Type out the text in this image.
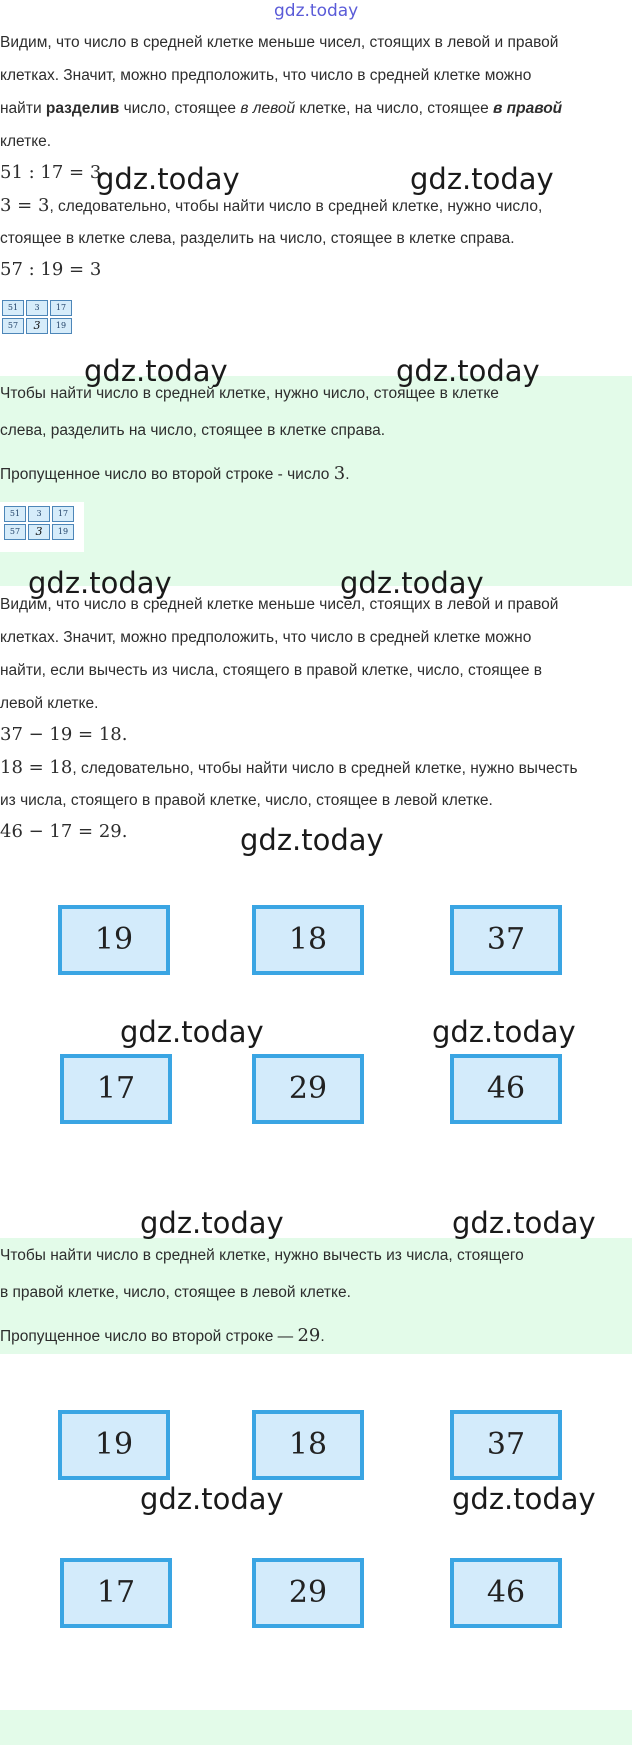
gdz.today
Видим, что число в средней клетке меньше чисел, стоящих в левой и правой
клетках. Значит, можно предположить, что число в средней клетке можно
найти разделив число, стоящее в левой клетке, на число, стоящее в правой
клетке.
51 : 17 = 3
3 = 3, следовательно, чтобы найти число в средней клетке, нужно число,
стоящее в клетке слева, разделить на число, стоящее в клетке справа.
57 : 19 = 3
51	3	17
57	3	19
Чтобы найти число в средней клетке, нужно число, стоящее в клетке
слева, разделить на число, стоящее в клетке справа.
Пропущенное число во второй строке - число 3.
51	3	17
57	3	19
Видим, что число в средней клетке меньше чисел, стоящих в левой и правой
клетках. Значит, можно предположить, что число в средней клетке можно
найти, если вычесть из числа, стоящего в правой клетке, число, стоящее в
левой клетке.
37 − 19 = 18.
18 = 18, следовательно, чтобы найти число в средней клетке, нужно вычесть
из числа, стоящего в правой клетке, число, стоящее в левой клетке.
46 − 17 = 29.
19	18	37
17	29	46
Чтобы найти число в средней клетке, нужно вычесть из числа, стоящего
в правой клетке, число, стоящее в левой клетке.
Пропущенное число во второй строке — 29.
19	18	37
17	29	46
gdz.today	gdz.today
gdz.today	gdz.today
gdz.today	gdz.today
gdz.today
gdz.today	gdz.today
gdz.today	gdz.today
gdz.today	gdz.today
